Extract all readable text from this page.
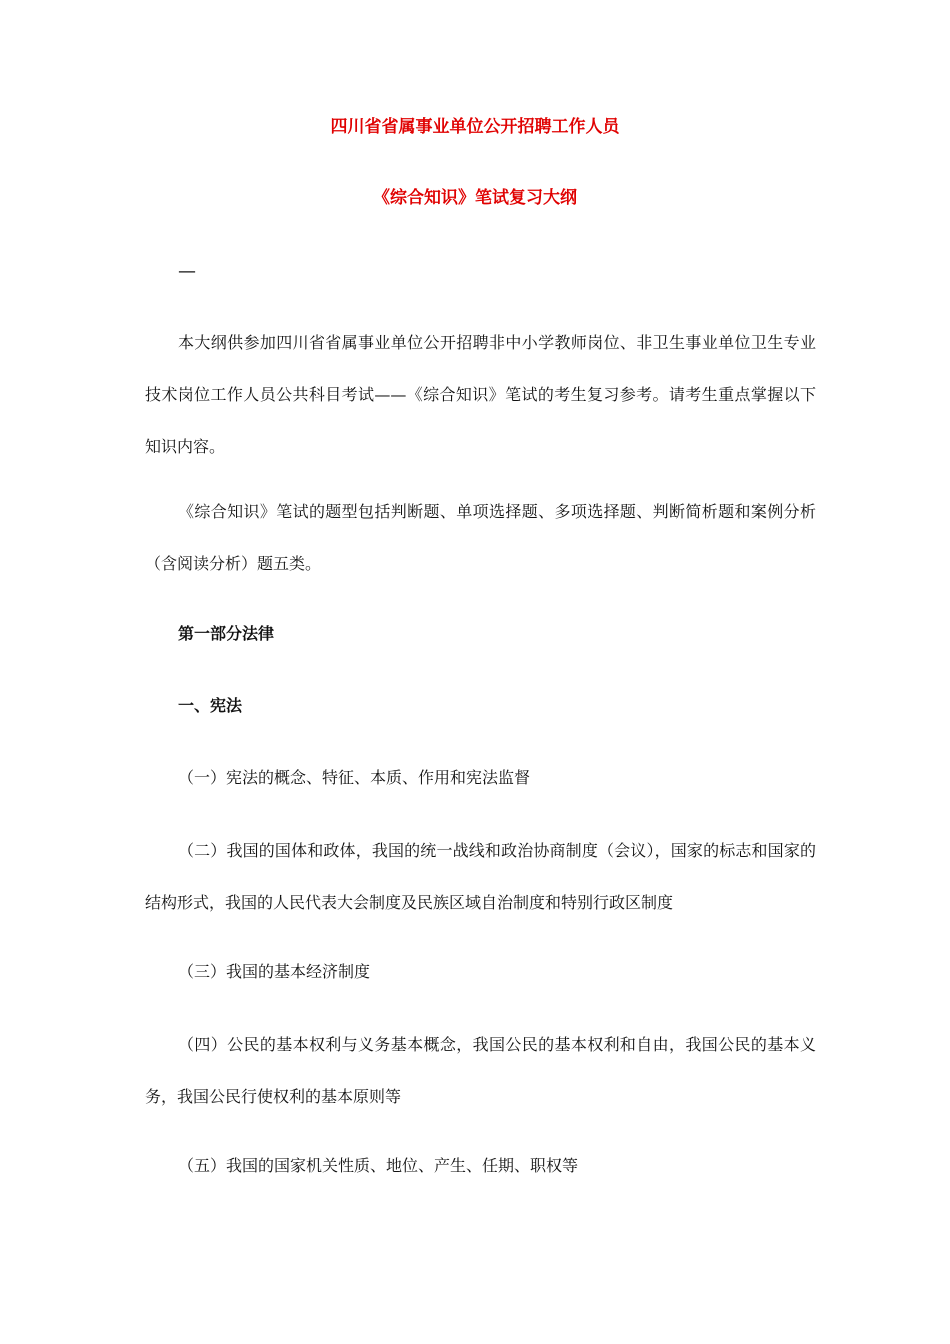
四川省省属事业单位公开招聘工作人员
《综合知识》笔试复习大纲

—

本大纲供参加四川省省属事业单位公开招聘非中小学教师岗位、非卫生事业单位卫生专业技术岗位工作人员公共科目考试——《综合知识》笔试的考生复习参考。请考生重点掌握以下知识内容。

《综合知识》笔试的题型包括判断题、单项选择题、多项选择题、判断简析题和案例分析（含阅读分析）题五类。

第一部分法律
一、宪法

（一）宪法的概念、特征、本质、作用和宪法监督

（二）我国的国体和政体，我国的统一战线和政治协商制度（会议），国家的标志和国家的结构形式，我国的人民代表大会制度及民族区域自治制度和特别行政区制度

（三）我国的基本经济制度

（四）公民的基本权利与义务基本概念，我国公民的基本权利和自由，我国公民的基本义务，我国公民行使权利的基本原则等

（五）我国的国家机关性质、地位、产生、任期、职权等
